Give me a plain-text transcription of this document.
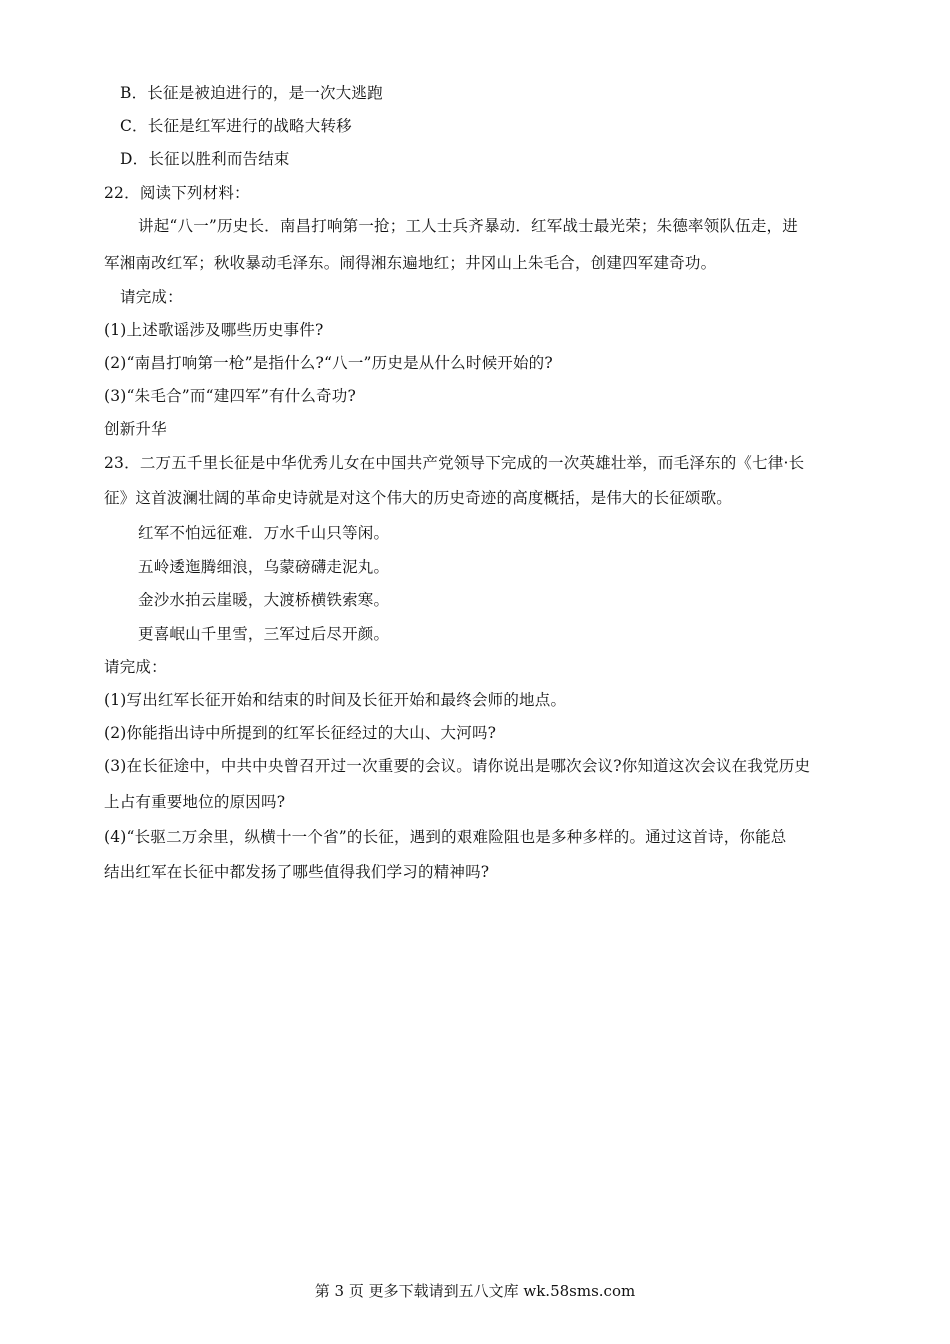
B．长征是被迫进行的，是一次大逃跑
C．长征是红军进行的战略大转移
D．长征以胜利而告结束
22．阅读下列材料：
讲起“八一”历史长．南昌打响第一抢；工人士兵齐暴动．红军战士最光荣；朱德率领队伍走，进
军湘南改红军；秋收暴动毛泽东。闹得湘东遍地红；井冈山上朱毛合，创建四军建奇功。
请完成：
(1)上述歌谣涉及哪些历史事件?
(2)“南昌打响第一枪”是指什么?“八一”历史是从什么时候开始的?
(3)“朱毛合”而“建四军”有什么奇功?
创新升华
23．二万五千里长征是中华优秀儿女在中国共产党领导下完成的一次英雄壮举，而毛泽东的《七律·长
征》这首波澜壮阔的革命史诗就是对这个伟大的历史奇迹的高度概括，是伟大的长征颂歌。
红军不怕远征难．万水千山只等闲。
五岭逶迤腾细浪，乌蒙磅礴走泥丸。
金沙水拍云崖暖，大渡桥横铁索寒。
更喜岷山千里雪，三军过后尽开颜。
请完成：
(1)写出红军长征开始和结束的时间及长征开始和最终会师的地点。
(2)你能指出诗中所提到的红军长征经过的大山、大河吗?
(3)在长征途中，中共中央曾召开过一次重要的会议。请你说出是哪次会议?你知道这次会议在我党历史
上占有重要地位的原因吗?
(4)“长驱二万余里，纵横十一个省”的长征，遇到的艰难险阻也是多种多样的。通过这首诗，你能总
结出红军在长征中都发扬了哪些值得我们学习的精神吗?
第 3 页 更多下载请到五八文库 wk.58sms.com
